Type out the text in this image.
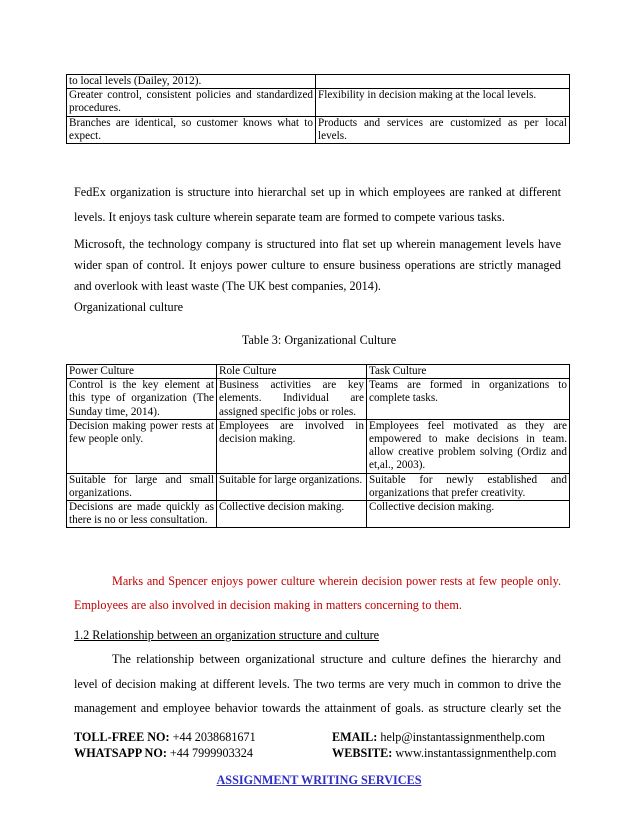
to local levels (Dailey, 2012).	
Greater control, consistent policies and standardized procedures.	Flexibility in decision making at the local levels.
Branches are identical, so customer knows what to expect.	Products and services are customized as per local levels.

FedEx organization is structure into hierarchal set up in which employees are ranked at different levels. It enjoys task culture wherein separate team are formed to compete various tasks.

Microsoft, the technology company is structured into flat set up wherein management levels have wider span of control. It enjoys power culture to ensure business operations are strictly managed and overlook with least waste (The UK best companies, 2014).

Organizational culture

Table 3: Organizational Culture

Power Culture	Role Culture	Task Culture
Control is the key element at this type of organization (The Sunday time, 2014).	Business activities are key elements. Individual are assigned specific jobs or roles.	Teams are formed in organizations to complete tasks.
Decision making power rests at few people only.	Employees are involved in decision making.	Employees feel motivated as they are empowered to make decisions in team. allow creative problem solving (Ordiz and et,al., 2003).
Suitable for large and small organizations.	Suitable for large organizations.	Suitable for newly established and organizations that prefer creativity.
Decisions are made quickly as there is no or less consultation.	Collective decision making.	Collective decision making.

Marks and Spencer enjoys power culture wherein decision power rests at few people only. Employees are also involved in decision making in matters concerning to them.

1.2 Relationship between an organization structure and culture

The relationship between organizational structure and culture defines the hierarchy and level of decision making at different levels. The two terms are very much in common to drive the management and employee behavior towards the attainment of goals. as structure clearly set the

TOLL-FREE NO: +44 2038681671	EMAIL: help@instantassignmenthelp.com
WHATSAPP NO: +44 7999903324	WEBSITE: www.instantassignmenthelp.com
ASSIGNMENT WRITING SERVICES
